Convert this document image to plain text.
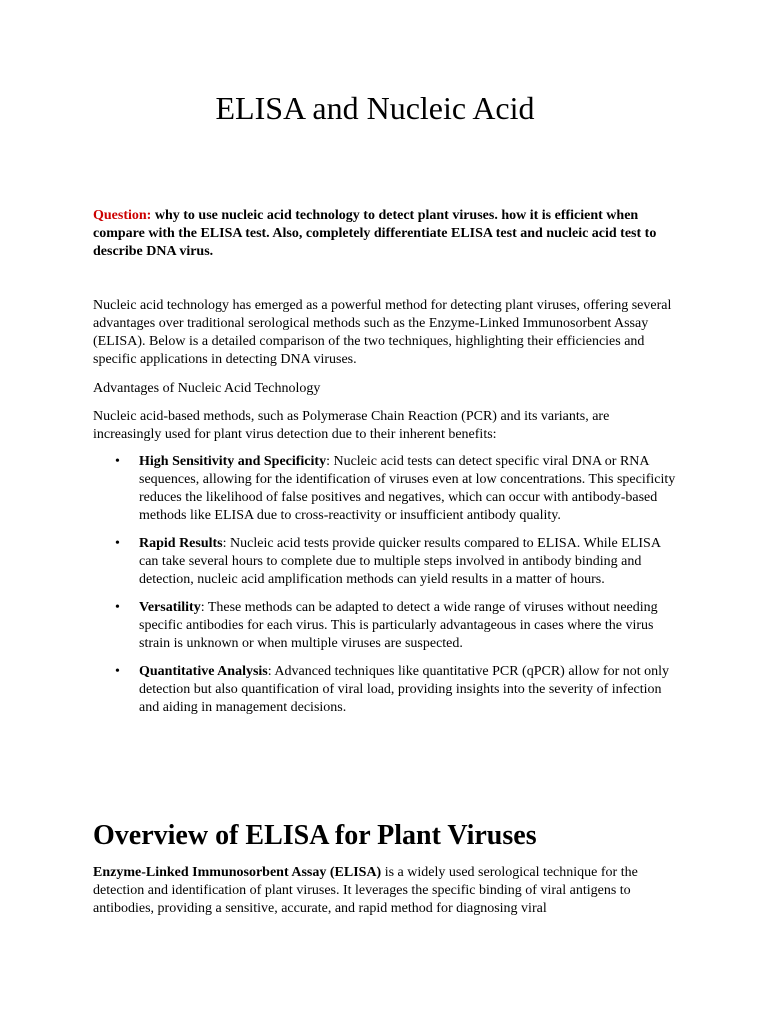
ELISA and Nucleic Acid

Question: why to use nucleic acid technology to detect plant viruses. how it is efficient when compare with the ELISA test. Also, completely differentiate ELISA test and nucleic acid test to describe DNA virus.

Nucleic acid technology has emerged as a powerful method for detecting plant viruses, offering several advantages over traditional serological methods such as the Enzyme-Linked Immunosorbent Assay (ELISA). Below is a detailed comparison of the two techniques, highlighting their efficiencies and specific applications in detecting DNA viruses.

Advantages of Nucleic Acid Technology

Nucleic acid-based methods, such as Polymerase Chain Reaction (PCR) and its variants, are increasingly used for plant virus detection due to their inherent benefits:

• High Sensitivity and Specificity: Nucleic acid tests can detect specific viral DNA or RNA sequences, allowing for the identification of viruses even at low concentrations. This specificity reduces the likelihood of false positives and negatives, which can occur with antibody-based methods like ELISA due to cross-reactivity or insufficient antibody quality.
• Rapid Results: Nucleic acid tests provide quicker results compared to ELISA. While ELISA can take several hours to complete due to multiple steps involved in antibody binding and detection, nucleic acid amplification methods can yield results in a matter of hours.
• Versatility: These methods can be adapted to detect a wide range of viruses without needing specific antibodies for each virus. This is particularly advantageous in cases where the virus strain is unknown or when multiple viruses are suspected.
• Quantitative Analysis: Advanced techniques like quantitative PCR (qPCR) allow for not only detection but also quantification of viral load, providing insights into the severity of infection and aiding in management decisions.
Overview of ELISA for Plant Viruses

Enzyme-Linked Immunosorbent Assay (ELISA) is a widely used serological technique for the detection and identification of plant viruses. It leverages the specific binding of viral antigens to antibodies, providing a sensitive, accurate, and rapid method for diagnosing viral
